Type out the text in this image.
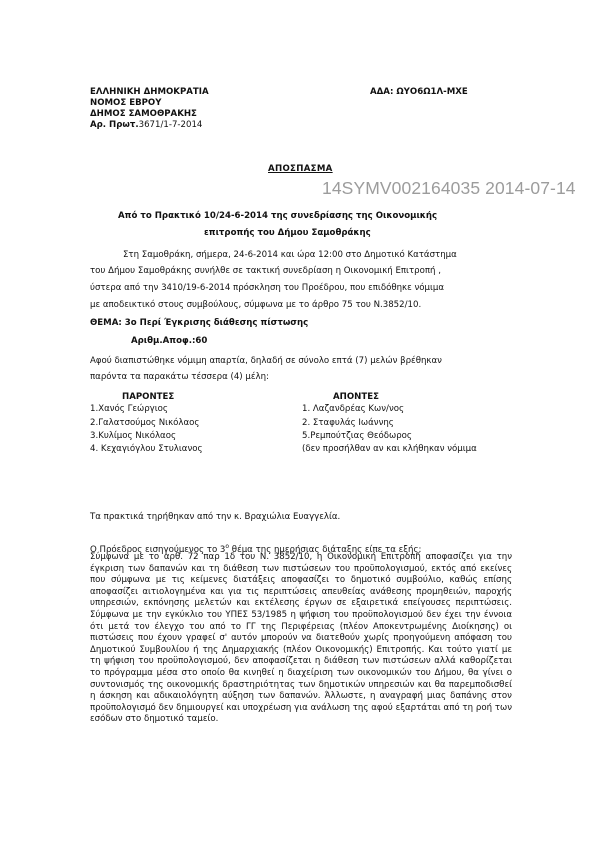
ΕΛΛΗΝΙΚΗ ΔΗΜΟΚΡΑΤΙΑ
ΝΟΜΟΣ ΕΒΡΟΥ
ΔΗΜΟΣ ΣΑΜΟΘΡΑΚΗΣ
Αρ. Πρωτ.3671/1-7-2014
ΑΔΑ: ΩΥΟ6Ω1Λ-ΜΧΕ
ΑΠΟΣΠΑΣΜΑ
14SYMV002164035 2014-07-14
Από το Πρακτικό 10/24-6-2014 της συνεδρίασης της Οικονομικής
επιτροπής του Δήμου Σαμοθράκης
Στη Σαμοθράκη, σήμερα, 24-6-2014 και ώρα 12:00 στο Δημοτικό Κατάστημα
του Δήμου Σαμοθράκης συνήλθε σε τακτική συνεδρίαση η Οικονομική Επιτροπή ,
ύστερα από την 3410/19-6-2014 πρόσκληση του Προέδρου, που επιδόθηκε νόμιμα
με αποδεικτικό στους συμβούλους, σύμφωνα με το άρθρο 75 του Ν.3852/10.
ΘΕΜΑ: 3ο Περί Έγκρισης διάθεσης πίστωσης
Αριθμ.Αποφ.:60
Αφού διαπιστώθηκε νόμιμη απαρτία, δηλαδή σε σύνολο επτά (7) μελών βρέθηκαν
παρόντα τα παρακάτω τέσσερα (4) μέλη:
ΠΑΡΟΝΤΕΣ	ΑΠΟΝΤΕΣ
1.Χανός Γεώργιος
2.Γαλατσούμος Νικόλαος
3.Κυλίμος Νικόλαος
4. Κεχαγιόγλου Στυλιανος
1. Λαζανδρέας Κων/νος
2. Σταφυλάς Ιωάννης
5.Ρεμπούτζιας Θεόδωρος
(δεν προσήλθαν αν και κλήθηκαν νόμιμα
Τα πρακτικά τηρήθηκαν από την κ. Βραχιώλια Ευαγγελία.
Ο Πρόεδρος εισηγούμενος το $3^o$ θέμα της ημερήσιας διάταξης είπε τα εξής:
Σύμφωνα με το αρθ. 72 παρ 1δ του Ν. 3852/10, η Οικονομική Επιτροπή αποφασίζει για την έγκριση των δαπανών και τη διάθεση των πιστώσεων του προϋπολογισμού, εκτός από εκείνες που σύμφωνα με τις κείμενες διατάξεις αποφασίζει το δημοτικό συμβούλιο, καθώς επίσης αποφασίζει αιτιολογημένα και για τις περιπτώσεις απευθείας ανάθεσης προμηθειών, παροχής υπηρεσιών, εκπόνησης μελετών και εκτέλεσης έργων σε εξαιρετικά επείγουσες περιπτώσεις. Σύμφωνα με την εγκύκλιο του ΥΠΕΣ 53/1985 η ψήφιση του προϋπολογισμού δεν έχει την έννοια ότι μετά τον έλεγχο του από το ΓΓ της Περιφέρειας (πλέον Αποκεντρωμένης Διοίκησης) οι πιστώσεις που έχουν γραφεί σ' αυτόν μπορούν να διατεθούν χωρίς προηγούμενη απόφαση του Δημοτικού Συμβουλίου ή της Δημαρχιακής (πλέον Οικονομικής) Επιτροπής. Και τούτο γιατί με τη ψήφιση του προϋπολογισμού, δεν αποφασίζεται η διάθεση των πιστώσεων αλλά καθορίζεται το πρόγραμμα μέσα στο οποίο θα κινηθεί η διαχείριση των οικονομικών του Δήμου, θα γίνει ο συντονισμός της οικονομικής δραστηριότητας των δημοτικών υπηρεσιών και θα παρεμποδισθεί η άσκηση και αδικαιολόγητη αύξηση των δαπανών. Άλλωστε, η αναγραφή μιας δαπάνης στον προϋπολογισμό δεν δημιουργεί και υποχρέωση για ανάλωση της αφού εξαρτάται από τη ροή των εσόδων στο δημοτικό ταμείο.
